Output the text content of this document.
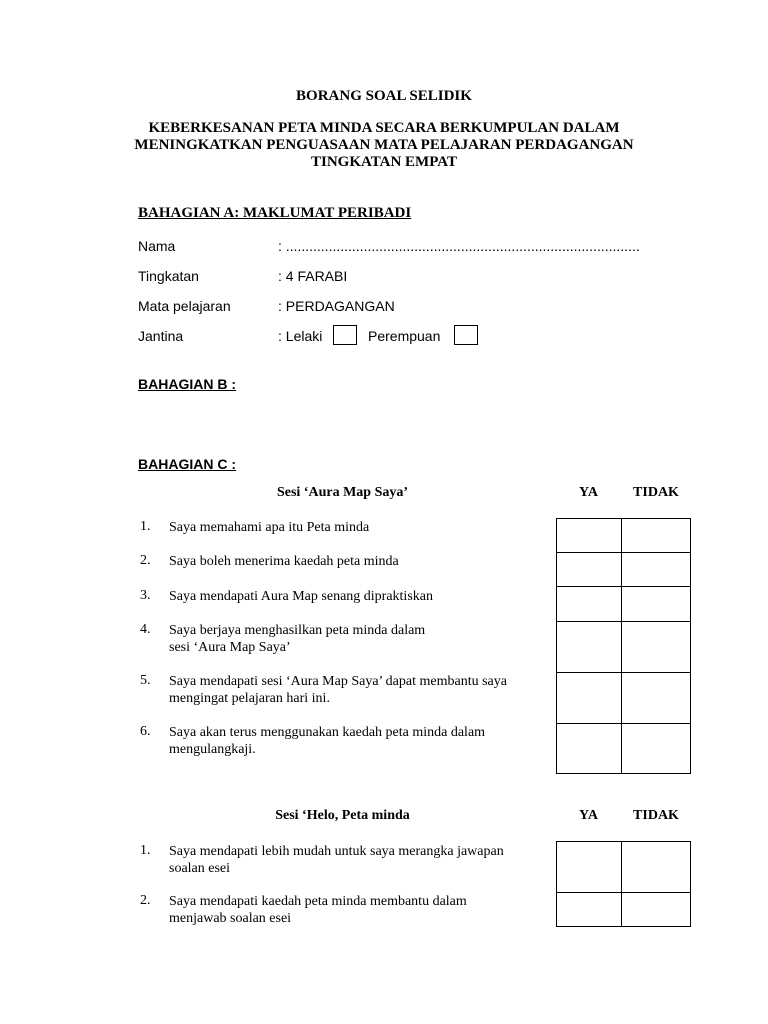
BORANG SOAL SELIDIK
KEBERKESANAN PETA MINDA SECARA BERKUMPULAN DALAM
MENINGKATKAN PENGUASAAN MATA PELAJARAN PERDAGANGAN
TINGKATAN EMPAT
BAHAGIAN A: MAKLUMAT PERIBADI
Nama	: ...........................................................................................
Tingkatan	: 4 FARABI
Mata pelajaran	: PERDAGANGAN
Jantina	: Lelaki	Perempuan
BAHAGIAN B :
BAHAGIAN C :
Sesi ‘Aura Map Saya’	YA	TIDAK
1. Saya memahami apa itu Peta minda
2. Saya boleh menerima kaedah peta minda
3. Saya mendapati Aura Map senang dipraktiskan
4. Saya berjaya menghasilkan peta minda dalam
sesi ‘Aura Map Saya’
5. Saya mendapati sesi ‘Aura Map Saya’ dapat membantu saya
mengingat pelajaran hari ini.
6. Saya akan terus menggunakan kaedah peta minda dalam
mengulangkaji.
Sesi ‘Helo, Peta minda	YA	TIDAK
1. Saya mendapati lebih mudah untuk saya merangka jawapan
soalan esei
2. Saya mendapati kaedah peta minda membantu dalam
menjawab soalan esei
